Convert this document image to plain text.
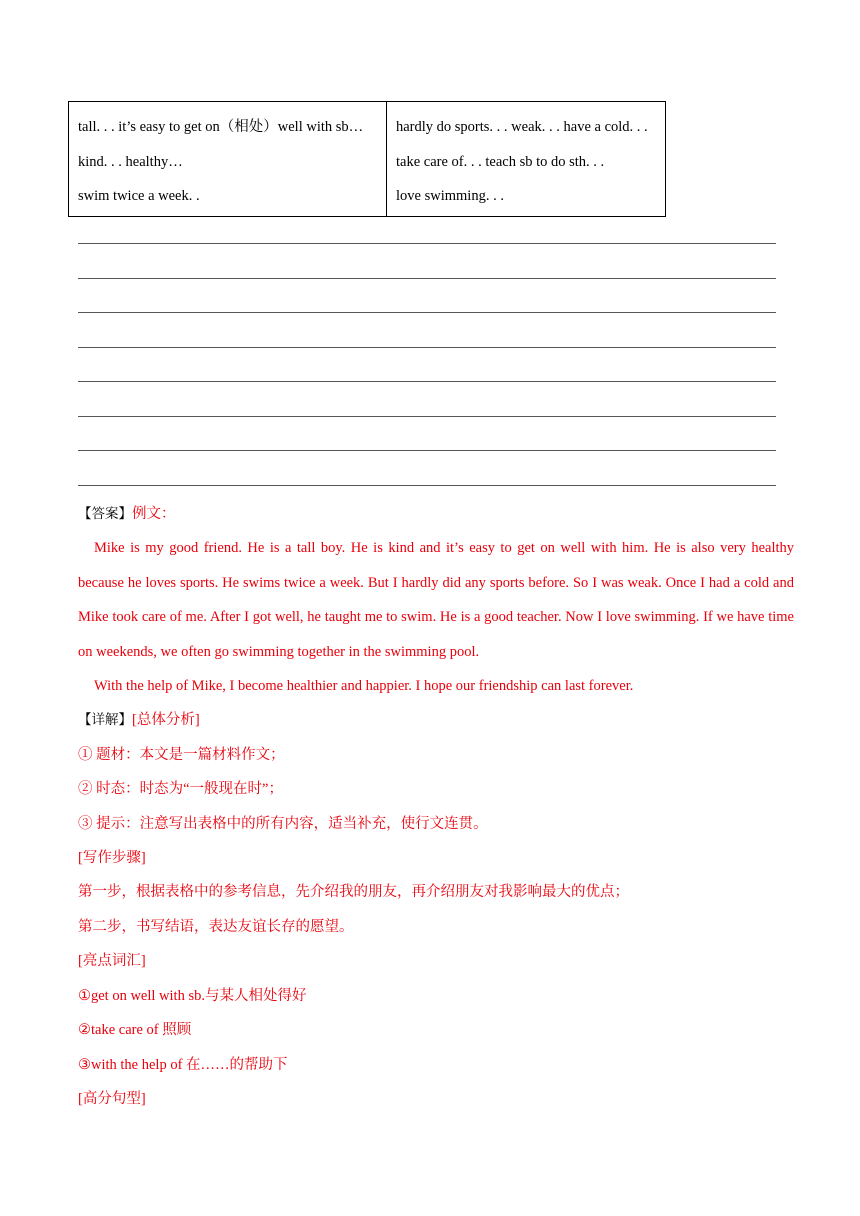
tall. . . it’s easy to get on（相处）well with sb…
kind. . . healthy…
swim twice a week. .
hardly do sports. . . weak. . . have a cold. . .
take care of. . . teach sb to do sth. . .
love swimming. . .

【答案】例文：

Mike is my good friend. He is a tall boy. He is kind and it’s easy to get on well with him. He is also very healthy because he loves sports. He swims twice a week. But I hardly did any sports before. So I was weak. Once I had a cold and Mike took care of me. After I got well, he taught me to swim. He is a good teacher. Now I love swimming. If we have time on weekends, we often go swimming together in the swimming pool.

With the help of Mike, I become healthier and happier. I hope our friendship can last forever.

【详解】[总体分析]

① 题材：本文是一篇材料作文；

② 时态：时态为“一般现在时”；

③ 提示：注意写出表格中的所有内容，适当补充，使行文连贯。

[写作步骤]

第一步，根据表格中的参考信息，先介绍我的朋友，再介绍朋友对我影响最大的优点；

第二步，书写结语，表达友谊长存的愿望。

[亮点词汇]

①get on well with sb.与某人相处得好

②take care of 照顾

③with the help of 在……的帮助下

[高分句型]
